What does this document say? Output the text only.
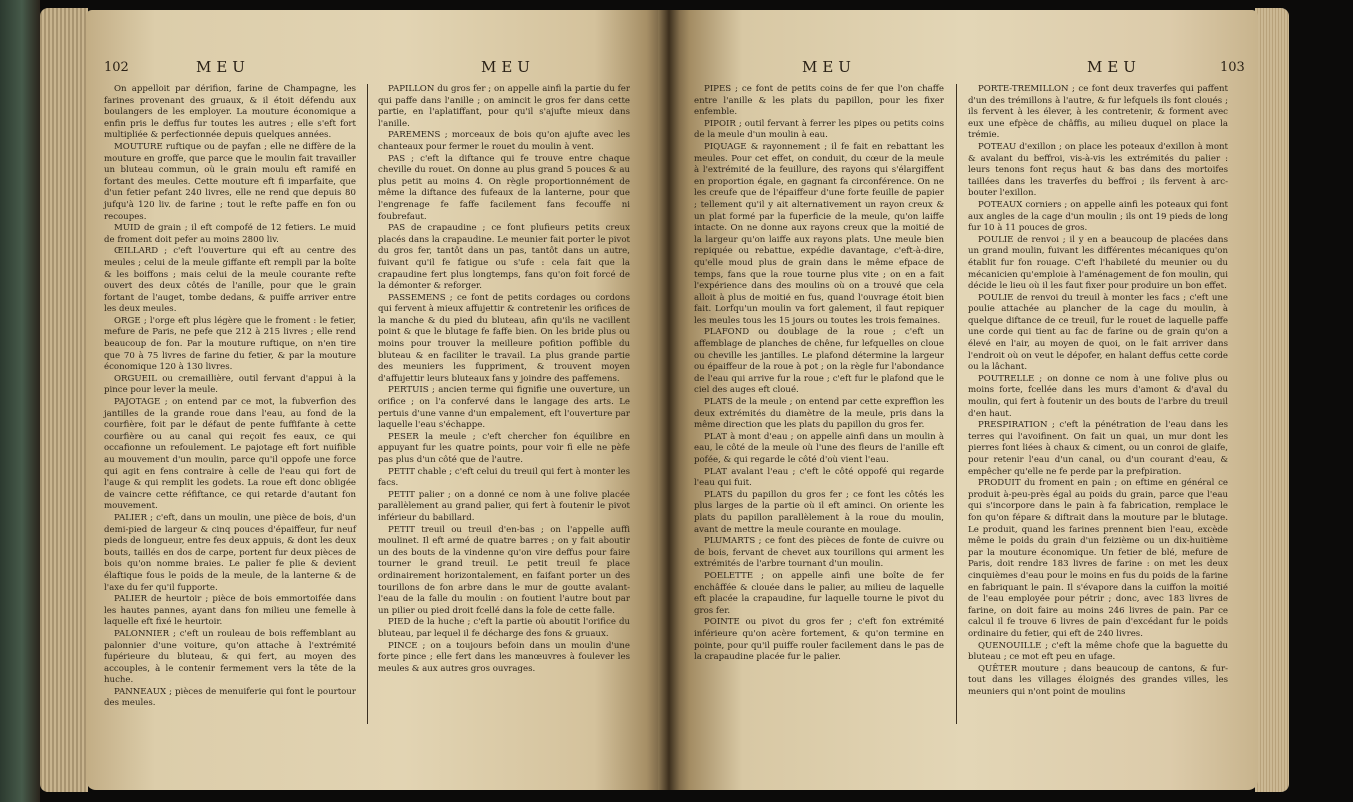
102	MEU	MEU

On appelloit par dérifion, farine de Champagne, les farines provenant des gruaux, & il étoit défendu aux boulangers de les employer. La mouture économique a enfin pris le deffus fur toutes les autres ; elle s'eft fort multipliée & perfectionnée depuis quelques années.

MOUTURE ruftique ou de payfan ; elle ne diffère de la mouture en groffe, que parce que le moulin fait travailler un bluteau commun, où le grain moulu eft ramifé en fortant des meules. Cette mouture eft fi imparfaite, que d'un fetier pefant 240 livres, elle ne rend que depuis 80 jufqu'à 120 liv. de farine ; tout le refte paffe en fon ou recoupes.

MUID de grain ; il eft compofé de 12 fetiers. Le muid de froment doit pefer au moins 2800 liv.

ŒILLARD ; c'eft l'ouverture qui eft au centre des meules ; celui de la meule giffante eft rempli par la boîte & les boiffons ; mais celui de la meule courante refte ouvert des deux côtés de l'anille, pour que le grain fortant de l'auget, tombe dedans, & puiffe arriver entre les deux meules.

ORGE ; l'orge eft plus légère que le froment : le fetier, mefure de Paris, ne pefe que 212 à 215 livres ; elle rend beaucoup de fon. Par la mouture ruftique, on n'en tire que 70 à 75 livres de farine du fetier, & par la mouture économique 120 à 130 livres.

ORGUEIL ou cremaillière, outil fervant d'appui à la pince pour lever la meule.

PAJOTAGE ; on entend par ce mot, la fubverfion des jantilles de la grande roue dans l'eau, au fond de la courfière, foit par le défaut de pente fuffifante à cette courfière ou au canal qui reçoit fes eaux, ce qui occafionne un refoulement. Le pajotage eft fort nuifible au mouvement d'un moulin, parce qu'il oppofe une force qui agit en fens contraire à celle de l'eau qui fort de l'auge & qui remplit les godets. La roue eft donc obligée de vaincre cette réfiftance, ce qui retarde d'autant fon mouvement.

PALIER ; c'eft, dans un moulin, une pièce de bois, d'un demi-pied de largeur & cinq pouces d'épaiffeur, fur neuf pieds de longueur, entre fes deux appuis, & dont les deux bouts, taillés en dos de carpe, portent fur deux pièces de bois qu'on nomme braies. Le palier fe plie & devient élaftique fous le poids de la meule, de la lanterne & de l'axe du fer qu'il fupporte.

PALIER de heurtoir ; pièce de bois emmortoifée dans les hautes pannes, ayant dans fon milieu une femelle à laquelle eft fixé le heurtoir.

PALONNIER ; c'eft un rouleau de bois reffemblant au palonnier d'une voiture, qu'on attache à l'extrémité fupérieure du bluteau, & qui fert, au moyen des accouples, à le contenir fermement vers la tête de la huche.

PANNEAUX ; pièces de menuiferie qui font le pourtour des meules.

PAPILLON du gros fer ; on appelle ainfi la partie du fer qui paffe dans l'anille ; on amincit le gros fer dans cette partie, en l'aplatiffant, pour qu'il s'ajufte mieux dans l'anille.

PAREMENS ; morceaux de bois qu'on ajufte avec les chanteaux pour fermer le rouet du moulin à vent.

PAS ; c'eft la diftance qui fe trouve entre chaque cheville du rouet. On donne au plus grand 5 pouces & au plus petit au moins 4. On règle proportionnément de même la diftance des fufeaux de la lanterne, pour que l'engrenage fe faffe facilement fans fecouffe ni foubrefaut.

PAS de crapaudine ; ce font plufieurs petits creux placés dans la crapaudine. Le meunier fait porter le pivot du gros fer, tantôt dans un pas, tantôt dans un autre, fuivant qu'il fe fatigue ou s'ufe : cela fait que la crapaudine fert plus longtemps, fans qu'on foit forcé de la démonter & reforger.

PASSEMENS ; ce font de petits cordages ou cordons qui fervent à mieux affujettir & contretenir les orifices de la manche & du pied du bluteau, afin qu'ils ne vacillent point & que le blutage fe faffe bien. On les bride plus ou moins pour trouver la meilleure pofition poffible du bluteau & en faciliter le travail. La plus grande partie des meuniers les fuppriment, & trouvent moyen d'affujettir leurs bluteaux fans y joindre des paffemens.

PERTUIS ; ancien terme qui fignifie une ouverture, un orifice ; on l'a confervé dans le langage des arts. Le pertuis d'une vanne d'un empalement, eft l'ouverture par laquelle l'eau s'échappe.

PESER la meule ; c'eft chercher fon équilibre en appuyant fur les quatre points, pour voir fi elle ne pèfe pas plus d'un côté que de l'autre.

PETIT chable ; c'eft celui du treuil qui fert à monter les facs.

PETIT palier ; on a donné ce nom à une folive placée parallèlement au grand palier, qui fert à foutenir le pivot inférieur du babillard.

PETIT treuil ou treuil d'en-bas ; on l'appelle auffi moulinet. Il eft armé de quatre barres ; on y fait aboutir un des bouts de la vindenne qu'on vire deffus pour faire tourner le grand treuil. Le petit treuil fe place ordinairement horizontalement, en faifant porter un des tourillons de fon arbre dans le mur de goutte avalant-l'eau de la falle du moulin : on foutient l'autre bout par un pilier ou pied droit fcellé dans la fole de cette falle.

PIED de la huche ; c'eft la partie où aboutit l'orifice du bluteau, par lequel il fe décharge des fons & gruaux.

PINCE ; on a toujours befoin dans un moulin d'une forte pince ; elle fert dans les manœuvres à foulever les meules & aux autres gros ouvrages.

MEU	MEU	103

PIPES ; ce font de petits coins de fer que l'on chaffe entre l'anille & les plats du papillon, pour les fixer enfemble.

PIPOIR ; outil fervant à ferrer les pipes ou petits coins de la meule d'un moulin à eau.

PIQUAGE & rayonnement ; il fe fait en rebattant les meules. Pour cet effet, on conduit, du cœur de la meule à l'extrémité de la feuillure, des rayons qui s'élargiffent en proportion égale, en gagnant fa circonférence. On ne les creufe que de l'épaiffeur d'une forte feuille de papier ; tellement qu'il y ait alternativement un rayon creux & un plat formé par la fuperficie de la meule, qu'on laiffe intacte. On ne donne aux rayons creux que la moitié de la largeur qu'on laiffe aux rayons plats. Une meule bien repiquée ou rebattue, expédie davantage, c'eft-à-dire, qu'elle moud plus de grain dans le même efpace de temps, fans que la roue tourne plus vite ; on en a fait l'expérience dans des moulins où on a trouvé que cela alloit à plus de moitié en fus, quand l'ouvrage étoit bien fait. Lorfqu'un moulin va fort galement, il faut repiquer les meules tous les 15 jours ou toutes les trois femaines.

PLAFOND ou doublage de la roue ; c'eft un affemblage de planches de chêne, fur lefquelles on cloue ou cheville les jantilles. Le plafond détermine la largeur ou épaiffeur de la roue à pot ; on la règle fur l'abondance de l'eau qui arrive fur la roue ; c'eft fur le plafond que le ciel des auges eft cloué.

PLATS de la meule ; on entend par cette expreffion les deux extrémités du diamètre de la meule, pris dans la même direction que les plats du papillon du gros fer.

PLAT à mont d'eau ; on appelle ainfi dans un moulin à eau, le côté de la meule où l'une des fleurs de l'anille eft pofée, & qui regarde le côté d'où vient l'eau.

PLAT avalant l'eau ; c'eft le côté oppofé qui regarde l'eau qui fuit.

PLATS du papillon du gros fer ; ce font les côtés les plus larges de la partie où il eft aminci. On oriente les plats du papillon parallèlement à la roue du moulin, avant de mettre la meule courante en moulage.

PLUMARTS ; ce font des pièces de fonte de cuivre ou de bois, fervant de chevet aux tourillons qui arment les extrémités de l'arbre tournant d'un moulin.

POELETTE ; on appelle ainfi une boîte de fer enchâffée & clouée dans le palier, au milieu de laquelle eft placée la crapaudine, fur laquelle tourne le pivot du gros fer.

POINTE ou pivot du gros fer ; c'eft fon extrémité inférieure qu'on acère fortement, & qu'on termine en pointe, pour qu'il puiffe rouler facilement dans le pas de la crapaudine placée fur le palier.

PORTE-TREMILLON ; ce font deux traverfes qui paffent d'un des trémillons à l'autre, & fur lefquels ils font cloués ; ils fervent à les élever, à les contretenir, & forment avec eux une efpèce de châffis, au milieu duquel on place la trémie.

POTEAU d'exillon ; on place les poteaux d'exillon à mont & avalant du beffroi, vis-à-vis les extrémités du palier : leurs tenons font reçus haut & bas dans des mortoifes taillées dans les traverfes du beffroi ; ils fervent à arc-bouter l'exillon.

POTEAUX corniers ; on appelle ainfi les poteaux qui font aux angles de la cage d'un moulin ; ils ont 19 pieds de long fur 10 à 11 pouces de gros.

POULIE de renvoi ; il y en a beaucoup de placées dans un grand moulin, fuivant les différentes mécaniques qu'on établit fur fon rouage. C'eft l'habileté du meunier ou du mécanicien qu'emploie à l'aménagement de fon moulin, qui décide le lieu où il les faut fixer pour produire un bon effet.

POULIE de renvoi du treuil à monter les facs ; c'eft une poulie attachée au plancher de la cage du moulin, à quelque diftance de ce treuil, fur le rouet de laquelle paffe une corde qui tient au fac de farine ou de grain qu'on a élevé en l'air, au moyen de quoi, on le fait arriver dans l'endroit où on veut le dépofer, en halant deffus cette corde ou la lâchant.

POUTRELLE ; on donne ce nom à une folive plus ou moins forte, fcellée dans les murs d'amont & d'aval du moulin, qui fert à foutenir un des bouts de l'arbre du treuil d'en haut.

PRESPIRATION ; c'eft la pénétration de l'eau dans les terres qui l'avoifinent. On fait un quai, un mur dont les pierres font liées à chaux & ciment, ou un conroi de glaife, pour retenir l'eau d'un canal, ou d'un courant d'eau, & empêcher qu'elle ne fe perde par la prefpiration.

PRODUIT du froment en pain ; on eftime en général ce produit à-peu-près égal au poids du grain, parce que l'eau qui s'incorpore dans le pain à fa fabrication, remplace le fon qu'on fépare & diftrait dans la mouture par le blutage. Le produit, quand les farines prennent bien l'eau, excède même le poids du grain d'un feizième ou un dix-huitième par la mouture économique. Un fetier de blé, mefure de Paris, doit rendre 183 livres de farine : on met les deux cinquièmes d'eau pour le moins en fus du poids de la farine en fabriquant le pain. Il s'évapore dans la cuiffon la moitié de l'eau employée pour pétrir ; donc, avec 183 livres de farine, on doit faire au moins 246 livres de pain. Par ce calcul il fe trouve 6 livres de pain d'excédant fur le poids ordinaire du fetier, qui eft de 240 livres.

QUENOUILLE ; c'eft la même chofe que la baguette du bluteau ; ce mot eft peu en ufage.

QUÊTER mouture ; dans beaucoup de cantons, & fur-tout dans les villages éloignés des grandes villes, les meuniers qui n'ont point de moulins
